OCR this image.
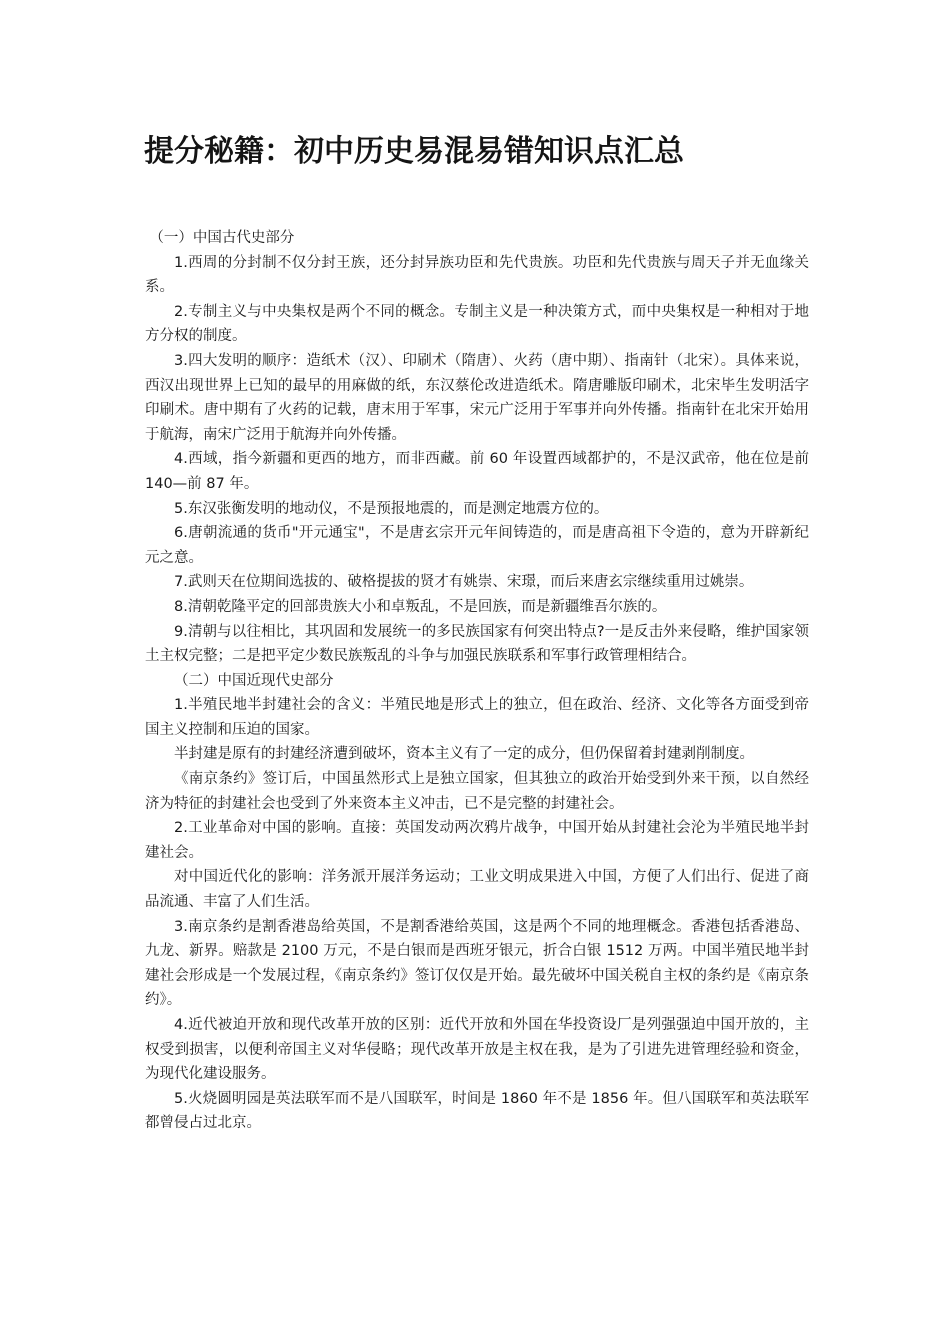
提分秘籍：初中历史易混易错知识点汇总

（一）中国古代史部分

1.西周的分封制不仅分封王族，还分封异族功臣和先代贵族。功臣和先代贵族与周天子并无血缘关系。

2.专制主义与中央集权是两个不同的概念。专制主义是一种决策方式，而中央集权是一种相对于地方分权的制度。

3.四大发明的顺序：造纸术（汉）、印刷术（隋唐）、火药（唐中期）、指南针（北宋）。具体来说，西汉出现世界上已知的最早的用麻做的纸，东汉蔡伦改进造纸术。隋唐雕版印刷术，北宋毕生发明活字印刷术。唐中期有了火药的记载，唐末用于军事，宋元广泛用于军事并向外传播。指南针在北宋开始用于航海，南宋广泛用于航海并向外传播。

4.西域，指今新疆和更西的地方，而非西藏。前 60 年设置西域都护的，不是汉武帝，他在位是前 140—前 87 年。

5.东汉张衡发明的地动仪，不是预报地震的，而是测定地震方位的。

6.唐朝流通的货币"开元通宝"，不是唐玄宗开元年间铸造的，而是唐高祖下令造的，意为开辟新纪元之意。

7.武则天在位期间选拔的、破格提拔的贤才有姚崇、宋璟，而后来唐玄宗继续重用过姚崇。

8.清朝乾隆平定的回部贵族大小和卓叛乱，不是回族，而是新疆维吾尔族的。

9.清朝与以往相比，其巩固和发展统一的多民族国家有何突出特点?一是反击外来侵略，维护国家领土主权完整；二是把平定少数民族叛乱的斗争与加强民族联系和军事行政管理相结合。

（二）中国近现代史部分

1.半殖民地半封建社会的含义：半殖民地是形式上的独立，但在政治、经济、文化等各方面受到帝国主义控制和压迫的国家。

半封建是原有的封建经济遭到破坏，资本主义有了一定的成分，但仍保留着封建剥削制度。

《南京条约》签订后，中国虽然形式上是独立国家，但其独立的政治开始受到外来干预，以自然经济为特征的封建社会也受到了外来资本主义冲击，已不是完整的封建社会。

2.工业革命对中国的影响。直接：英国发动两次鸦片战争，中国开始从封建社会沦为半殖民地半封建社会。

对中国近代化的影响：洋务派开展洋务运动；工业文明成果进入中国，方便了人们出行、促进了商品流通、丰富了人们生活。

3.南京条约是割香港岛给英国，不是割香港给英国，这是两个不同的地理概念。香港包括香港岛、九龙、新界。赔款是 2100 万元，不是白银而是西班牙银元，折合白银 1512 万两。中国半殖民地半封建社会形成是一个发展过程，《南京条约》签订仅仅是开始。最先破坏中国关税自主权的条约是《南京条约》。

4.近代被迫开放和现代改革开放的区别：近代开放和外国在华投资设厂是列强强迫中国开放的，主权受到损害，以便利帝国主义对华侵略；现代改革开放是主权在我，是为了引进先进管理经验和资金，为现代化建设服务。

5.火烧圆明园是英法联军而不是八国联军，时间是 1860 年不是 1856 年。但八国联军和英法联军都曾侵占过北京。
